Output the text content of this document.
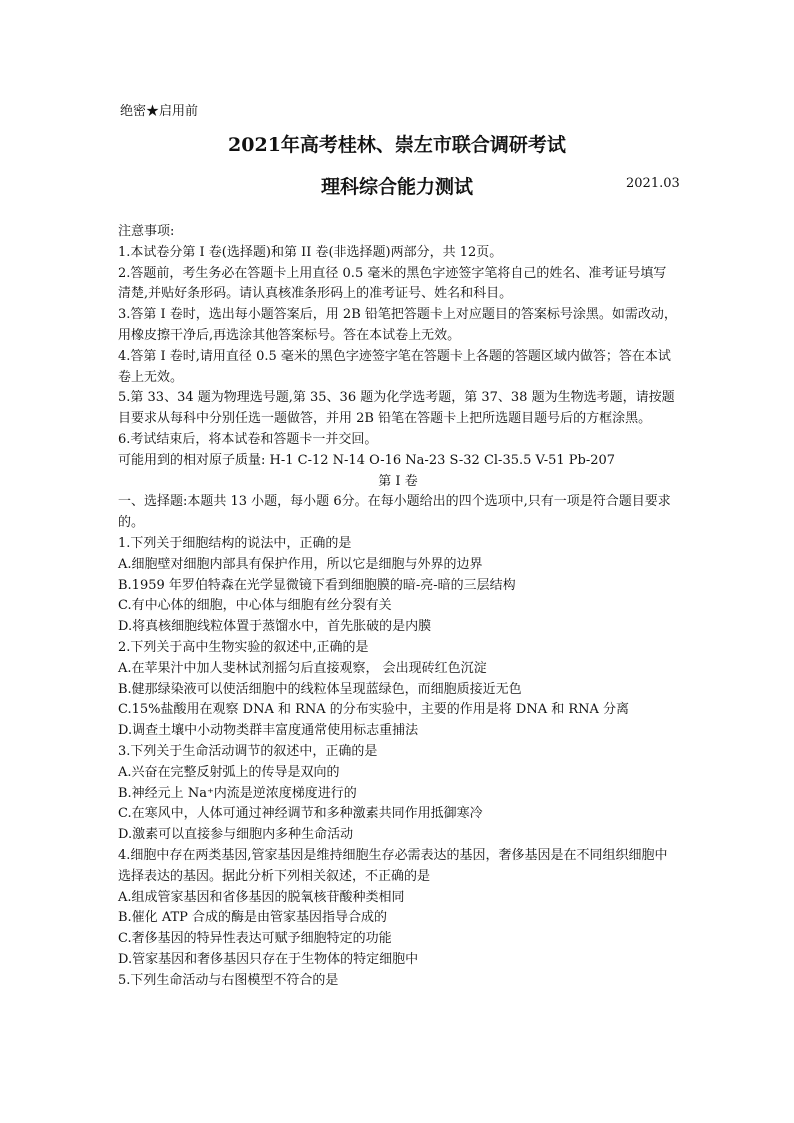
绝密★启用前
2021年高考桂林、崇左市联合调研考试
理科综合能力测试	2021.03

注意事项:

1.本试卷分第 I 卷(选择题)和第 II 卷(非选择题)两部分，共 12页。

2.答题前，考生务必在答题卡上用直径 0.5 毫米的黑色字迹签字笔将自己的姓名、准考证号填写清楚,并贴好条形码。请认真核准条形码上的准考证号、姓名和科目。

3.答第 I 卷时，选出每小题答案后，用 2B 铅笔把答题卡上对应题目的答案标号涂黑。如需改动，用橡皮擦干净后,再选涂其他答案标号。答在本试卷上无效。

4.答第 I 卷时,请用直径 0.5 毫米的黑色字迹签字笔在答题卡上各题的答题区域内做答；答在本试卷上无效。

5.第 33、34 题为物理选号题,第 35、36 题为化学选考题，第 37、38 题为生物选考题，请按题目要求从每科中分别任选一题做答，并用 2B 铅笔在答题卡上把所选题目题号后的方框涂黑。

6.考试结束后，将本试卷和答题卡一并交回。

可能用到的相对原子质量: H-1 C-12 N-14 O-16 Na-23 S-32 Cl-35.5 V-51 Pb-207

第 I 卷

一、选择题:本题共 13 小题，每小题 6分。在每小题给出的四个选项中,只有一项是符合题目要求的。

1.下列关于细胞结构的说法中，正确的是

A.细胞壁对细胞内部具有保护作用，所以它是细胞与外界的边界

B.1959 年罗伯特森在光学显微镜下看到细胞膜的暗-亮-暗的三层结构

C.有中心体的细胞，中心体与细胞有丝分裂有关

D.将真核细胞线粒体置于蒸馏水中，首先胀破的是内膜

2.下列关于高中生物实验的叙述中,正确的是

A.在苹果汁中加人斐林试剂摇匀后直接观察， 会出现砖红色沉淀

B.健那绿染液可以使活细胞中的线粒体呈现蓝绿色，而细胞质接近无色

C.15%盐酸用在观察 DNA 和 RNA 的分布实验中，主要的作用是将 DNA 和 RNA 分离

D.调查土壤中小动物类群丰富度通常使用标志重捕法

3.下列关于生命活动调节的叙述中，正确的是

A.兴奋在完整反射弧上的传导是双向的

B.神经元上 Na⁺内流是逆浓度梯度进行的

C.在寒风中，人体可通过神经调节和多种激素共同作用抵御寒冷

D.激素可以直接参与细胞内多种生命活动

4.细胞中存在两类基因,管家基因是维持细胞生存必需表达的基因，奢侈基因是在不同组织细胞中选择表达的基因。据此分析下列相关叙述，不正确的是

A.组成管家基因和省侈基因的脱氧核苷酸种类相同

B.催化 ATP 合成的酶是由管家基因指导合成的

C.奢侈基因的特异性表达可赋予细胞特定的功能

D.管家基因和奢侈基因只存在于生物体的特定细胞中

5.下列生命活动与右图模型不符合的是
